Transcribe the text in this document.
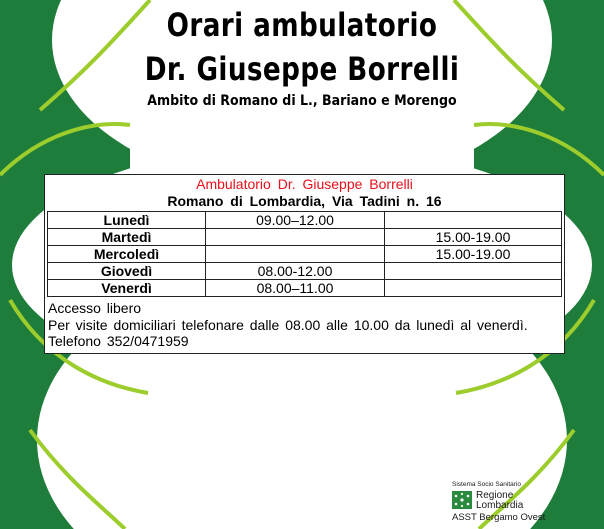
Orari ambulatorio
Dr. Giuseppe Borrelli
Ambito di Romano di L., Bariano e Morengo
Ambulatorio Dr. Giuseppe Borrelli
Romano di Lombardia, Via Tadini n. 16
Lunedì	09.00–12.00	
Martedì		15.00-19.00
Mercoledì		15.00-19.00
Giovedì	08.00-12.00	
Venerdì	08.00–11.00	
Accesso libero
Per visite domiciliari telefonare dalle 08.00 alle 10.00 da lunedì al venerdì.
Telefono 352/0471959
Sistema Socio Sanitario
Regione
Lombardia
ASST Bergamo Ovest
